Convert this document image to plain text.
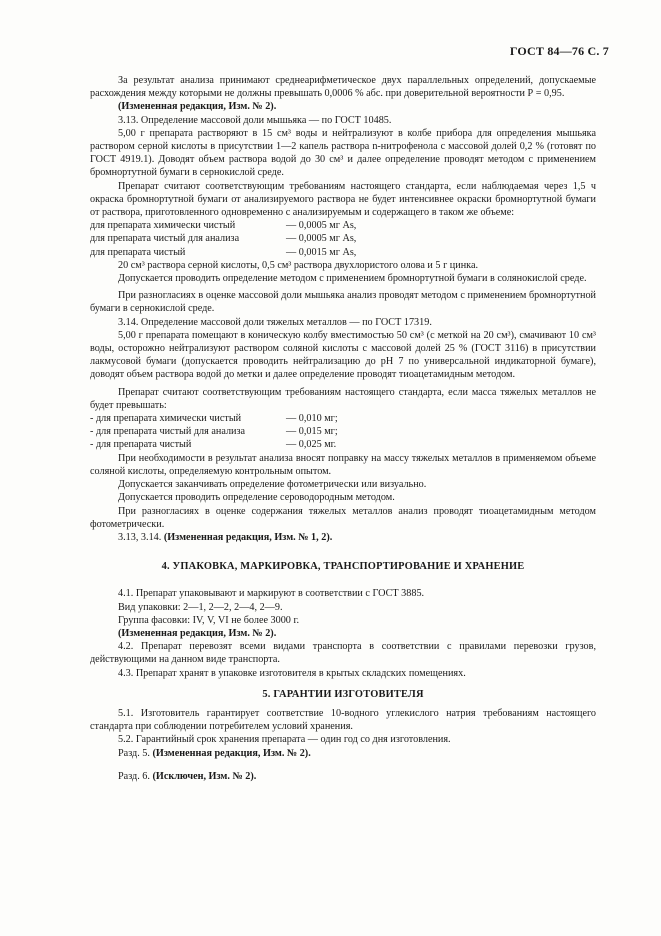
ГОСТ 84—76 С. 7

За результат анализа принимают среднеарифметическое двух параллельных определений, допускаемые расхождения между которыми не должны превышать 0,0006 % абс. при доверительной вероятности Р = 0,95.

(Измененная редакция, Изм. № 2).

3.13. Определение массовой доли мышьяка — по ГОСТ 10485.

5,00 г препарата растворяют в 15 см³ воды и нейтрализуют в колбе прибора для определения мышьяка раствором серной кислоты в присутствии 1—2 капель раствора n-нитрофенола с массовой долей 0,2 % (готовят по ГОСТ 4919.1). Доводят объем раствора водой до 30 см³ и далее определение проводят методом с применением бромнортутной бумаги в сернокислой среде.

Препарат считают соответствующим требованиям настоящего стандарта, если наблюдаемая через 1,5 ч окраска бромнортутной бумаги от анализируемого раствора не будет интенсивнее окраски бромнортутной бумаги от раствора, приготовленного одновременно с анализируемым и содержащего в таком же объеме:

для препарата химически чистый	— 0,0005 мг As,
для препарата чистый для анализа	— 0,0005 мг As,
для препарата чистый	— 0,0015 мг As,

20 см³ раствора серной кислоты, 0,5 см³ раствора двухлористого олова и 5 г цинка.

Допускается проводить определение методом с применением бромнортутной бумаги в солянокислой среде.

При разногласиях в оценке массовой доли мышьяка анализ проводят методом с применением бромнортутной бумаги в сернокислой среде.

3.14. Определение массовой доли тяжелых металлов — по ГОСТ 17319.

5,00 г препарата помещают в коническую колбу вместимостью 50 см³ (с меткой на 20 см³), смачивают 10 см³ воды, осторожно нейтрализуют раствором соляной кислоты с массовой долей 25 % (ГОСТ 3116) в присутствии лакмусовой бумаги (допускается проводить нейтрализацию до рН 7 по универсальной индикаторной бумаге), доводят объем раствора водой до метки и далее определение проводят тиоацетамидным методом.

Препарат считают соответствующим требованиям настоящего стандарта, если масса тяжелых металлов не будет превышать:

- для препарата химически чистый	— 0,010 мг;
- для препарата чистый для анализа	— 0,015 мг;
- для препарата чистый	— 0,025 мг.

При необходимости в результат анализа вносят поправку на массу тяжелых металлов в применяемом объеме соляной кислоты, определяемую контрольным опытом.

Допускается заканчивать определение фотометрически или визуально.

Допускается проводить определение сероводородным методом.

При разногласиях в оценке содержания тяжелых металлов анализ проводят тиоацетамидным методом фотометрически.

3.13, 3.14. (Измененная редакция, Изм. № 1, 2).

4. УПАКОВКА, МАРКИРОВКА, ТРАНСПОРТИРОВАНИЕ И ХРАНЕНИЕ

4.1. Препарат упаковывают и маркируют в соответствии с ГОСТ 3885.

Вид упаковки: 2—1, 2—2, 2—4, 2—9.

Группа фасовки: IV, V, VI не более 3000 г.

(Измененная редакция, Изм. № 2).

4.2. Препарат перевозят всеми видами транспорта в соответствии с правилами перевозки грузов, действующими на данном виде транспорта.

4.3. Препарат хранят в упаковке изготовителя в крытых складских помещениях.

5. ГАРАНТИИ ИЗГОТОВИТЕЛЯ

5.1. Изготовитель гарантирует соответствие 10-водного углекислого натрия требованиям настоящего стандарта при соблюдении потребителем условий хранения.

5.2. Гарантийный срок хранения препарата — один год со дня изготовления.

Разд. 5. (Измененная редакция, Изм. № 2).

Разд. 6. (Исключен, Изм. № 2).
